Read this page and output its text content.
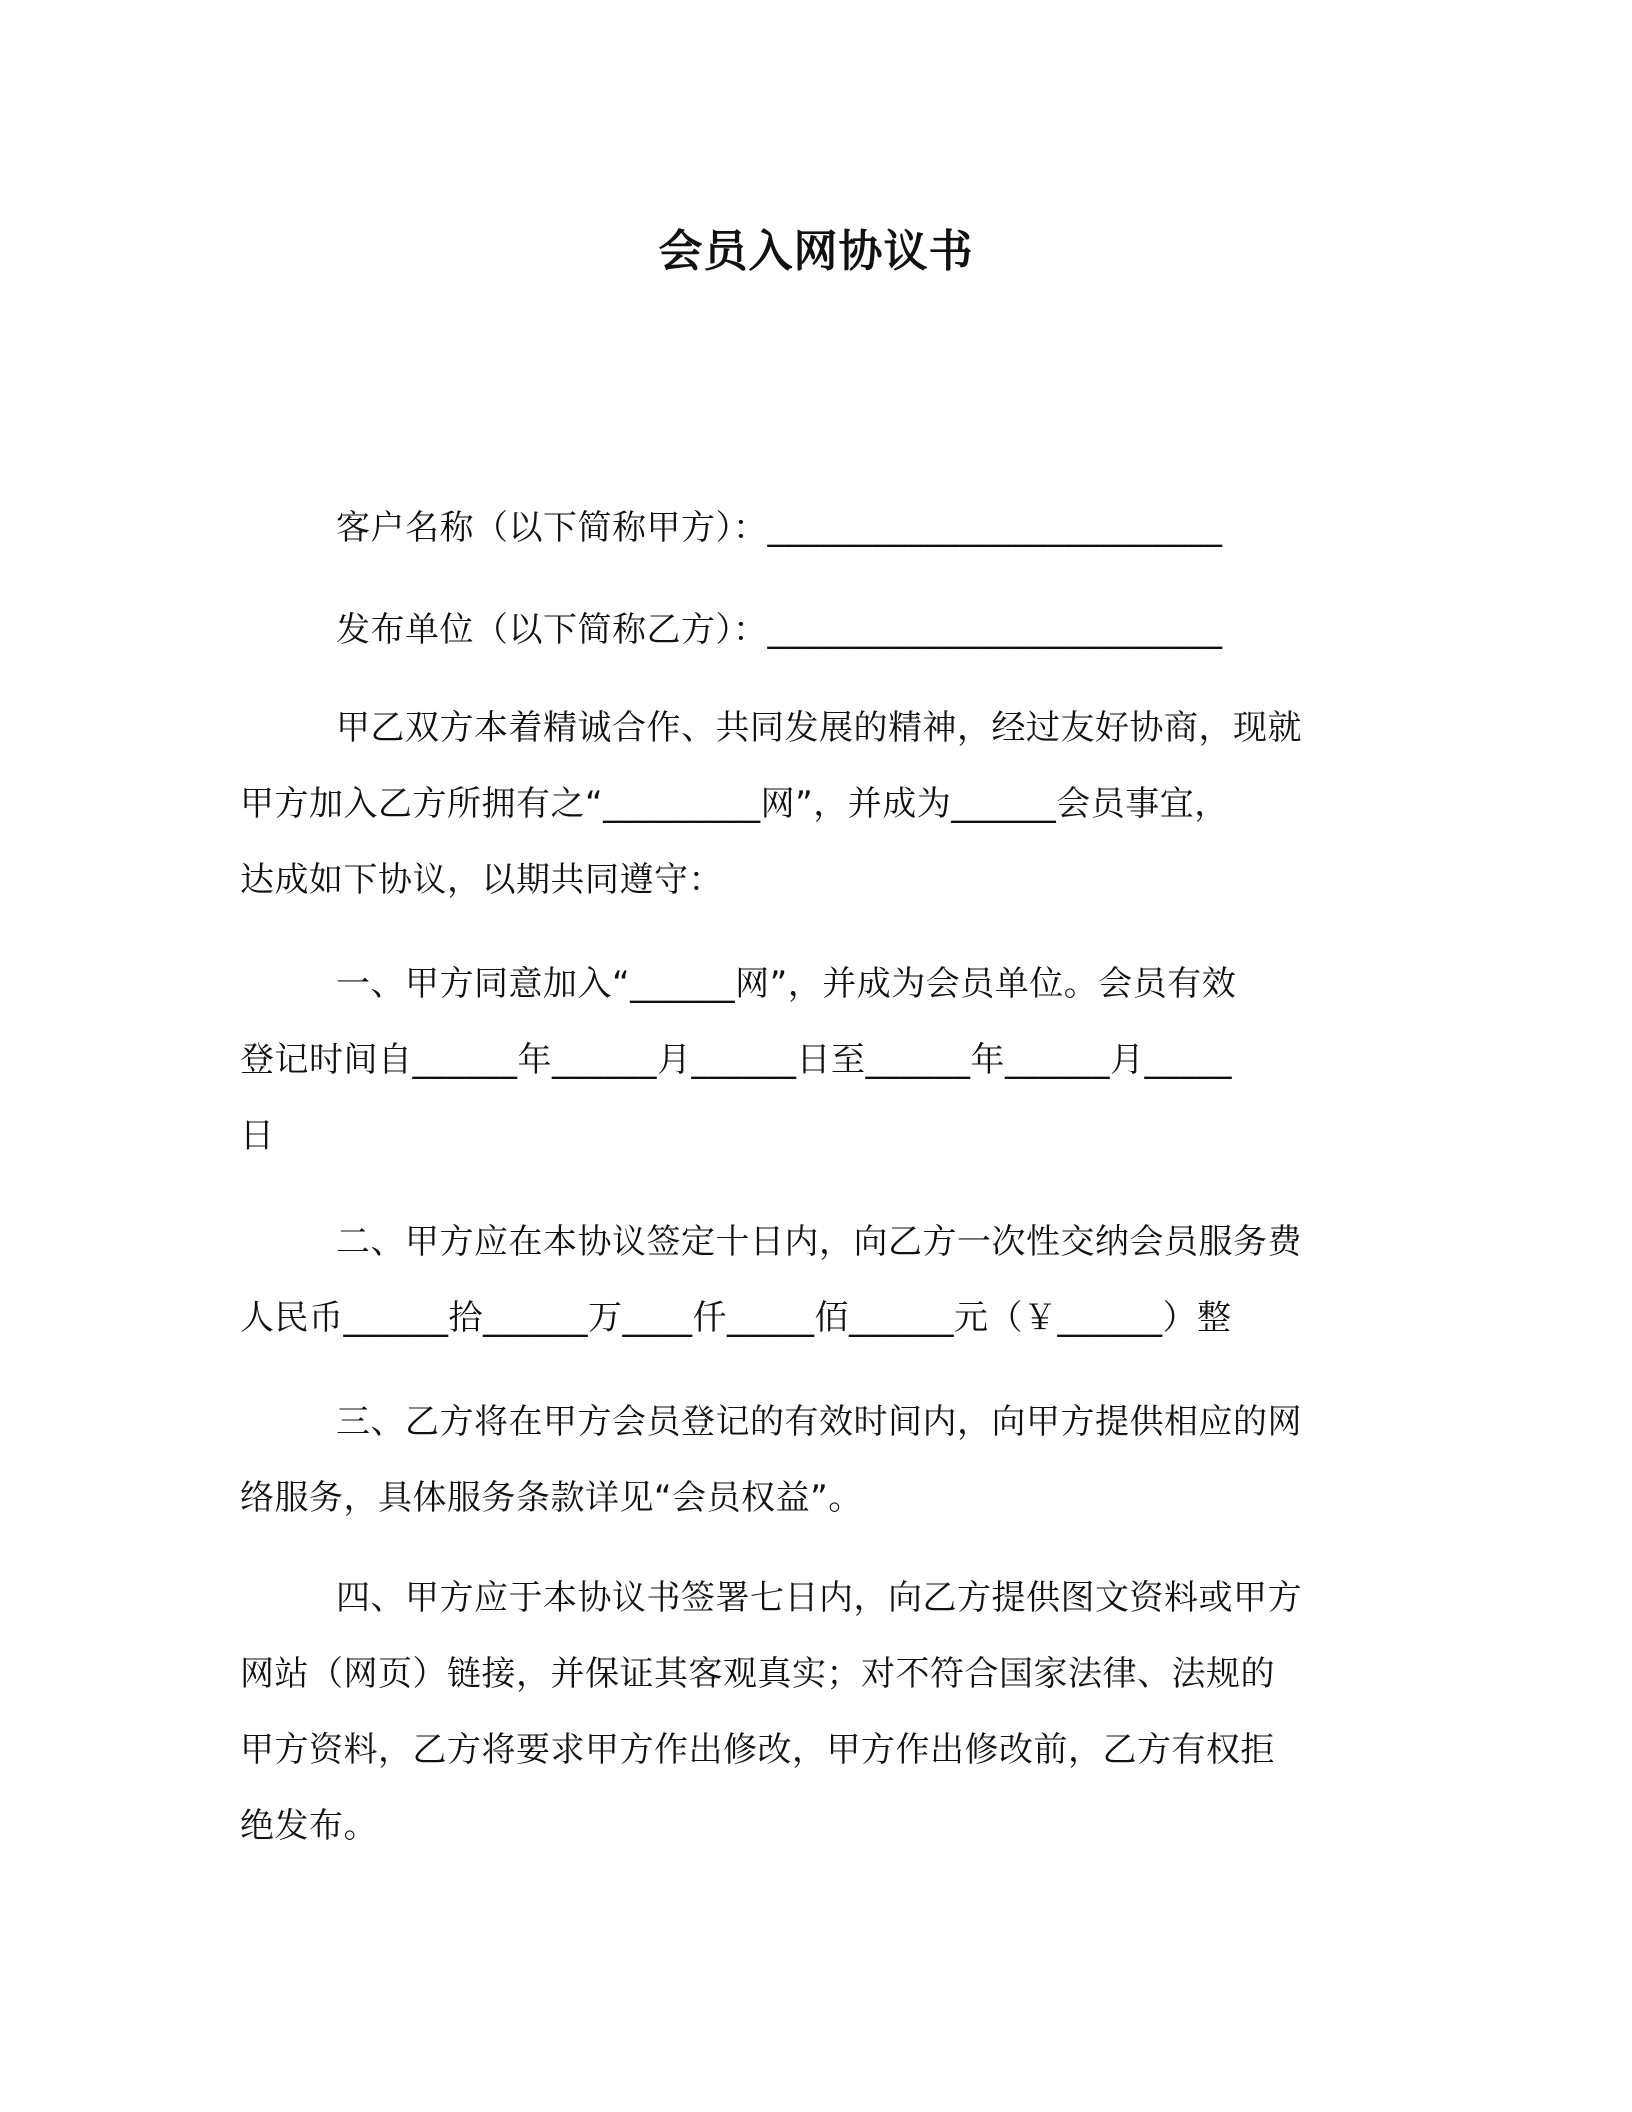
会员入网协议书
客户名称（以下简称甲方）：__________________________
发布单位（以下简称乙方）：__________________________
甲乙双方本着精诚合作、共同发展的精神，经过友好协商，现就
甲方加入乙方所拥有之“_________网”，并成为______会员事宜，
达成如下协议，以期共同遵守：
一、甲方同意加入“______网”，并成为会员单位。会员有效
登记时间自______年______月______日至______年______月_____
日
二、甲方应在本协议签定十日内，向乙方一次性交纳会员服务费
人民币______拾______万____仟_____佰______元（￥______）整
三、乙方将在甲方会员登记的有效时间内，向甲方提供相应的网
络服务，具体服务条款详见“会员权益”。
四、甲方应于本协议书签署七日内，向乙方提供图文资料或甲方
网站（网页）链接，并保证其客观真实；对不符合国家法律、法规的
甲方资料，乙方将要求甲方作出修改，甲方作出修改前，乙方有权拒
绝发布。
